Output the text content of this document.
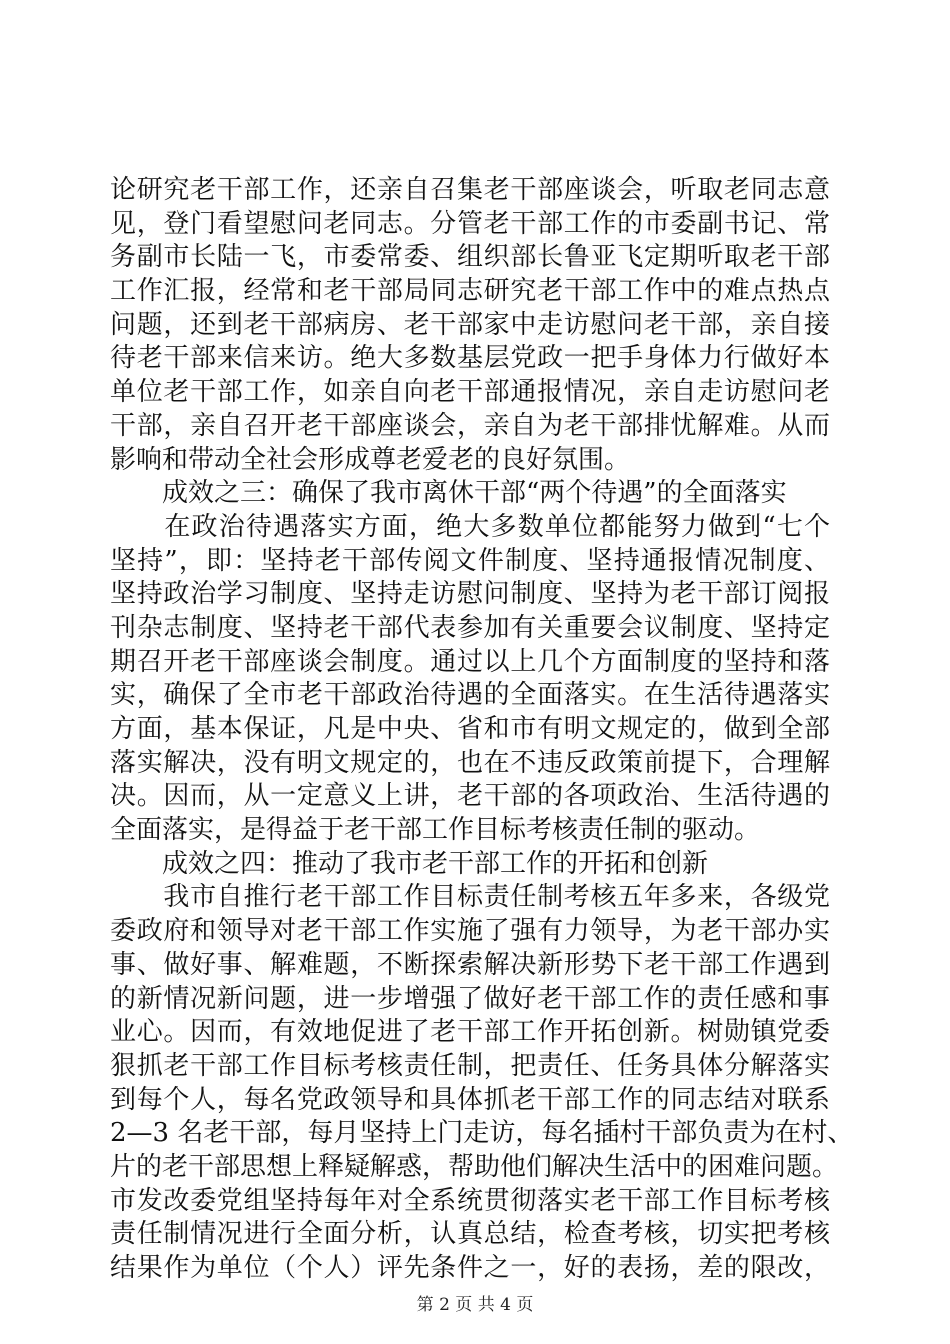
论研究老干部工作，还亲自召集老干部座谈会，听取老同志意
见，登门看望慰问老同志。分管老干部工作的市委副书记、常
务副市长陆一飞，市委常委、组织部长鲁亚飞定期听取老干部
工作汇报，经常和老干部局同志研究老干部工作中的难点热点
问题，还到老干部病房、老干部家中走访慰问老干部，亲自接
待老干部来信来访。绝大多数基层党政一把手身体力行做好本
单位老干部工作，如亲自向老干部通报情况，亲自走访慰问老
干部，亲自召开老干部座谈会，亲自为老干部排忧解难。从而
影响和带动全社会形成尊老爱老的良好氛围。
　　成效之三：确保了我市离休干部“两个待遇”的全面落实
　　在政治待遇落实方面，绝大多数单位都能努力做到“七个
坚持”，即：坚持老干部传阅文件制度、坚持通报情况制度、
坚持政治学习制度、坚持走访慰问制度、坚持为老干部订阅报
刊杂志制度、坚持老干部代表参加有关重要会议制度、坚持定
期召开老干部座谈会制度。通过以上几个方面制度的坚持和落
实，确保了全市老干部政治待遇的全面落实。在生活待遇落实
方面，基本保证，凡是中央、省和市有明文规定的，做到全部
落实解决，没有明文规定的，也在不违反政策前提下，合理解
决。因而，从一定意义上讲，老干部的各项政治、生活待遇的
全面落实，是得益于老干部工作目标考核责任制的驱动。
　　成效之四：推动了我市老干部工作的开拓和创新
　　我市自推行老干部工作目标责任制考核五年多来，各级党
委政府和领导对老干部工作实施了强有力领导，为老干部办实
事、做好事、解难题，不断探索解决新形势下老干部工作遇到
的新情况新问题，进一步增强了做好老干部工作的责任感和事
业心。因而，有效地促进了老干部工作开拓创新。树勋镇党委
狠抓老干部工作目标考核责任制，把责任、任务具体分解落实
到每个人，每名党政领导和具体抓老干部工作的同志结对联系
2—3 名老干部，每月坚持上门走访，每名插村干部负责为在村、
片的老干部思想上释疑解惑，帮助他们解决生活中的困难问题。
市发改委党组坚持每年对全系统贯彻落实老干部工作目标考核
责任制情况进行全面分析，认真总结，检查考核，切实把考核
结果作为单位（个人）评先条件之一，好的表扬，差的限改，
第 2 页 共 4 页
